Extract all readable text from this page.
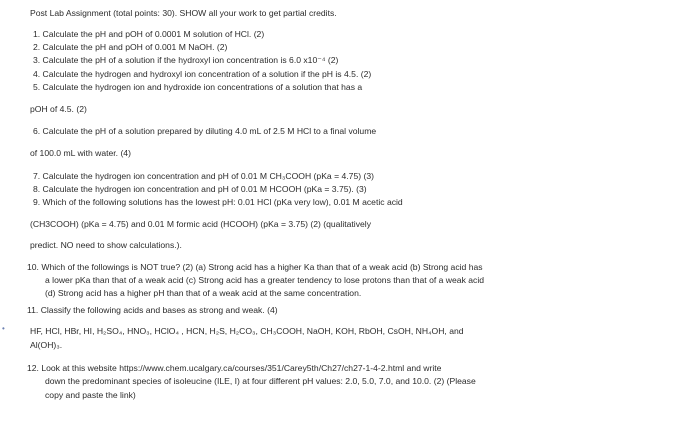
Post Lab Assignment (total points: 30). SHOW all your work to get partial credits.
1. Calculate the pH and pOH of 0.0001 M solution of HCl. (2)
2. Calculate the pH and pOH of 0.001 M NaOH. (2)
3. Calculate the pH of a solution if the hydroxyl ion concentration is 6.0 x10⁻⁴ (2)
4. Calculate the hydrogen and hydroxyl ion concentration of a solution if the pH is 4.5. (2)
5. Calculate the hydrogen ion and hydroxide ion concentrations of a solution that has a
pOH of 4.5. (2)
6. Calculate the pH of a solution prepared by diluting 4.0 mL of 2.5 M HCl to a final volume
of 100.0 mL with water. (4)
7. Calculate the hydrogen ion concentration and pH of 0.01 M CH₃COOH (pKa = 4.75) (3)
8. Calculate the hydrogen ion concentration and pH of 0.01 M HCOOH (pKa = 3.75). (3)
9. Which of the following solutions has the lowest pH: 0.01 HCl (pKa very low), 0.01 M acetic acid
(CH3COOH) (pKa = 4.75) and 0.01 M formic acid (HCOOH) (pKa = 3.75) (2) (qualitatively
predict. NO need to show calculations.).
10. Which of the followings is NOT true? (2) (a) Strong acid has a higher Ka than that of a weak acid (b) Strong acid has
a lower pKa than that of a weak acid (c) Strong acid has a greater tendency to lose protons than that of a weak acid
(d) Strong acid has a higher pH than that of a weak acid at the same concentration.
11. Classify the following acids and bases as strong and weak. (4)
HF, HCl, HBr, HI, H₂SO₄, HNO₃, HClO₄ , HCN, H₂S, H₂CO₃, CH₃COOH, NaOH, KOH, RbOH, CsOH, NH₄OH, and
Al(OH)₃.
12. Look at this website https://www.chem.ucalgary.ca/courses/351/Carey5th/Ch27/ch27-1-4-2.html and write
down the predominant species of isoleucine (ILE, I) at four different pH values: 2.0, 5.0, 7.0, and 10.0. (2) (Please
copy and paste the link)
•
